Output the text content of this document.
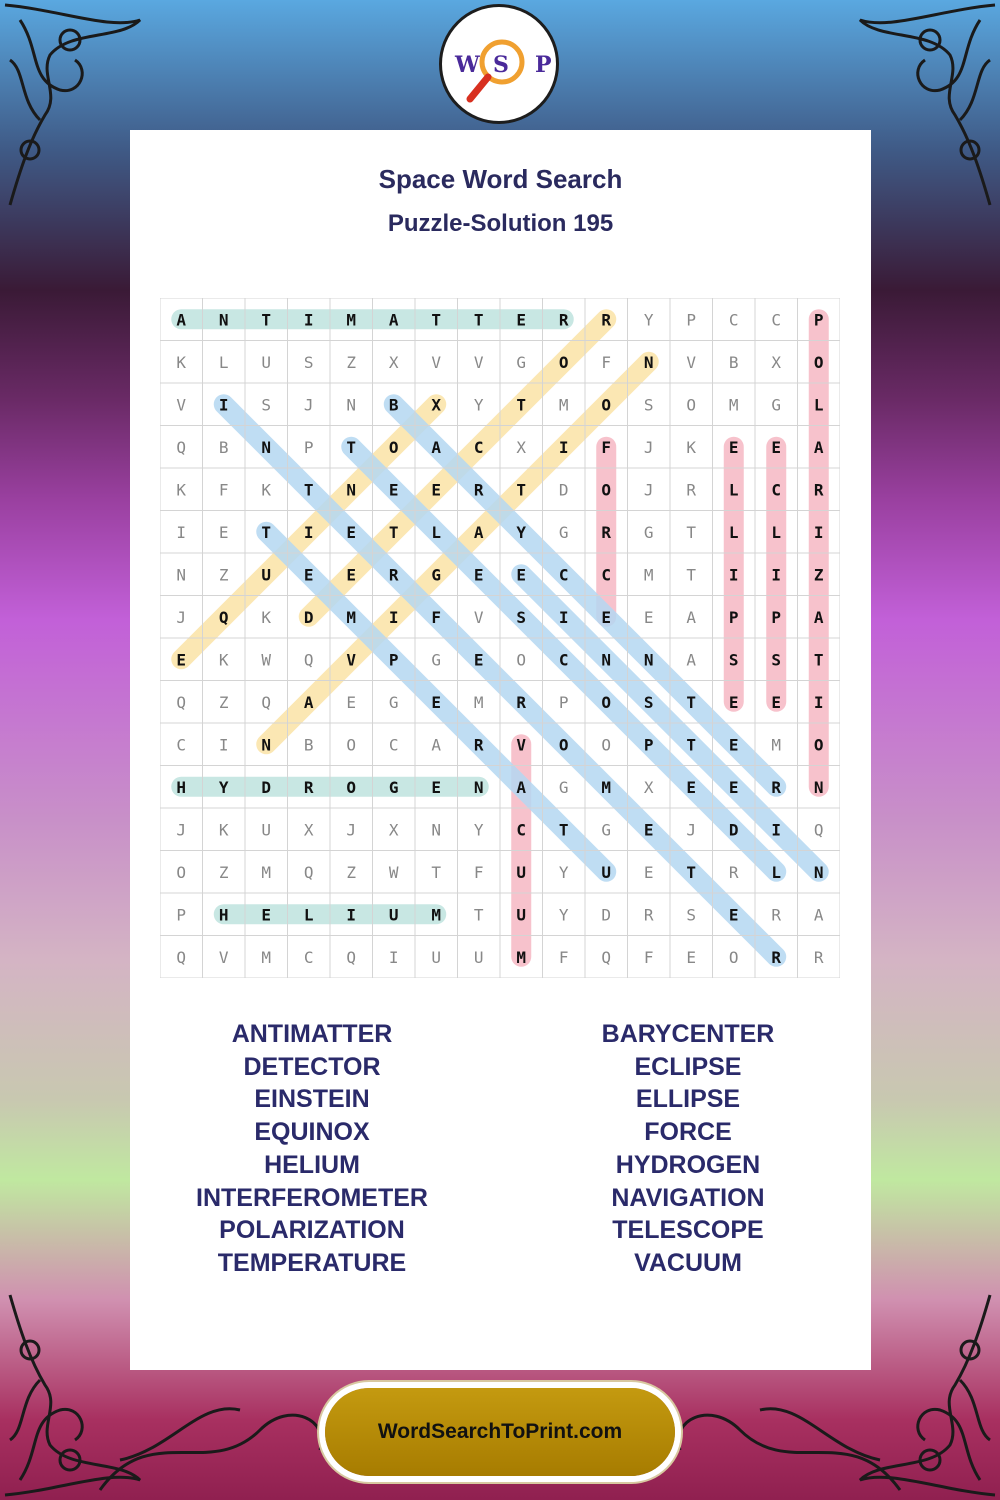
W S P
Space Word Search
Puzzle-Solution 195
A N T I M A T T E R R Y P C C P
K L U S Z X V V G O F N V B X O
V I S J N B X Y T M O S O M G L
Q B N P T O A C X I F J K E E A
K F K T N E E R T D O J R L C R
I E T I E T L A Y G R G T L L I
N Z U E E R G E E C C M T I I Z
J Q K D M I F V S I E E A P P A
E K W Q V P G E O C N N A S S T
Q Z Q A E G E M R P O S T E E I
C I N B O C A R V O O P T E M O
H Y D R O G E N A G M X E E R N
J K U X J X N Y C T G E J D I Q
O Z M Q Z W T F U Y U E T R L N
P H E L I U M T U Y D R S E R A
Q V M C Q I U U M F Q F E O R R
ANTIMATTER
DETECTOR
EINSTEIN
EQUINOX
HELIUM
INTERFEROMETER
POLARIZATION
TEMPERATURE
BARYCENTER
ECLIPSE
ELLIPSE
FORCE
HYDROGEN
NAVIGATION
TELESCOPE
VACUUM
WordSearchToPrint.com
